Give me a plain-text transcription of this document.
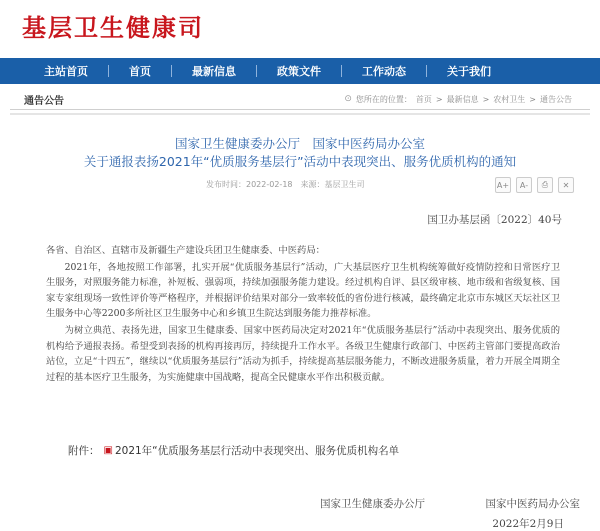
基层卫生健康司
主站首页	首页	最新信息	政策文件	工作动态	关于我们
通告公告	⊙ 您所在的位置： 首页 > 最新信息 > 农村卫生 > 通告公告
国家卫生健康委办公厅　国家中医药局办公室
关于通报表扬2021年“优质服务基层行”活动中表现突出、服务优质机构的通知
发布时间：2022-02-18 来源：基层卫生司	A+	A-	⎙	✕
国卫办基层函〔2022〕40号

各省、自治区、直辖市及新疆生产建设兵团卫生健康委、中医药局：

2021年，各地按照工作部署，扎实开展“优质服务基层行”活动，广大基层医疗卫生机构统筹做好疫情防控和日常医疗卫生服务，对照服务能力标准，补短板、强弱项，持续加强服务能力建设。经过机构自评、县区级审核、地市级和省级复核、国家专家组现场一致性评价等严格程序，并根据评价结果对部分一致率较低的省份进行核减，最终确定北京市东城区天坛社区卫生服务中心等2200多所社区卫生服务中心和乡镇卫生院达到服务能力推荐标准。

为树立典范、表扬先进，国家卫生健康委、国家中医药局决定对2021年“优质服务基层行”活动中表现突出、服务优质的机构给予通报表扬。希望受到表扬的机构再接再厉，持续提升工作水平。各级卫生健康行政部门、中医药主管部门要提高政治站位，立足“十四五”，继续以“优质服务基层行”活动为抓手，持续提高基层服务能力，不断改进服务质量，着力开展全周期全过程的基本医疗卫生服务，为实施健康中国战略，提高全民健康水平作出积极贡献。

附件： ▣ 2021年“优质服务基层行活动中表现突出、服务优质机构名单
国家卫生健康委办公厅	国家中医药局办公室
2022年2月9日
